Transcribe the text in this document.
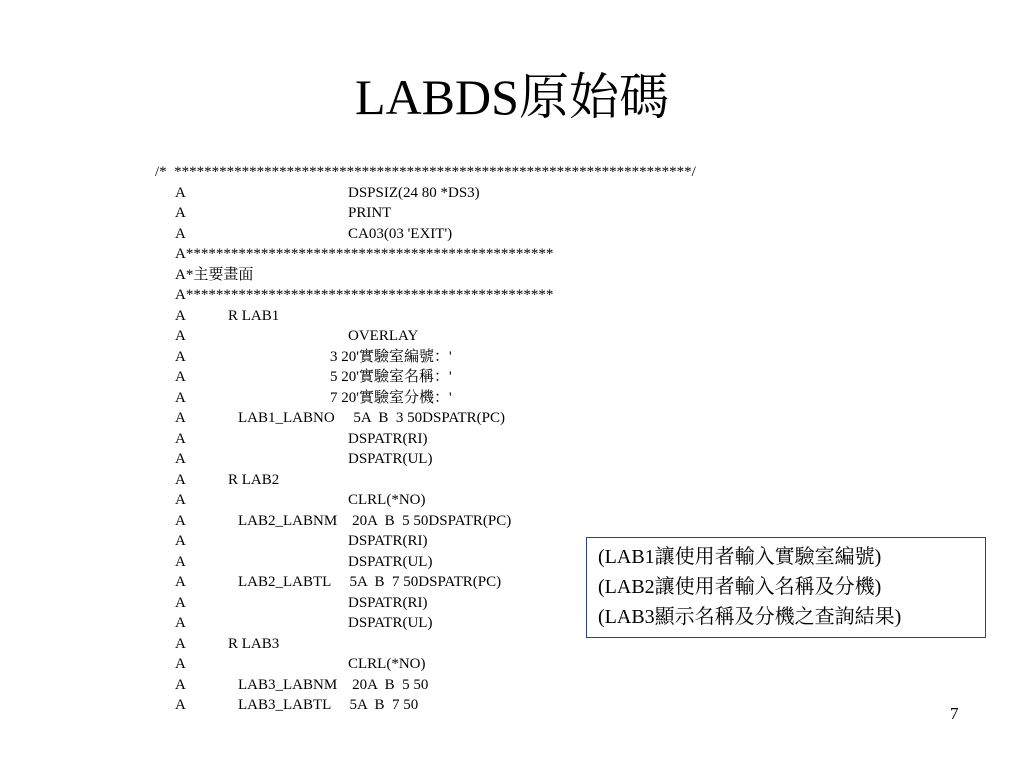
LABDS原始碼

/*  *********************************************************************/

A	DSPSIZ(24 80 *DS3)
A	PRINT
A	CA03(03 'EXIT')
A*************************************************
A*主要畫面
A*************************************************
A	R LAB1
A	OVERLAY
A	3 20'實驗室編號：'
A	5 20'實驗室名稱：'
A	7 20'實驗室分機：'
A	LAB1_LABNO     5A  B  3 50DSPATR(PC)
A	DSPATR(RI)
A	DSPATR(UL)
A	R LAB2
A	CLRL(*NO)
A	LAB2_LABNM    20A  B  5 50DSPATR(PC)
A	DSPATR(RI)
A	DSPATR(UL)
A	LAB2_LABTL     5A  B  7 50DSPATR(PC)
A	DSPATR(RI)
A	DSPATR(UL)
A	R LAB3
A	CLRL(*NO)
A	LAB3_LABNM    20A  B  5 50
A	LAB3_LABTL     5A  B  7 50
(LAB1讓使用者輸入實驗室編號)
(LAB2讓使用者輸入名稱及分機)
(LAB3顯示名稱及分機之查詢結果)
7
